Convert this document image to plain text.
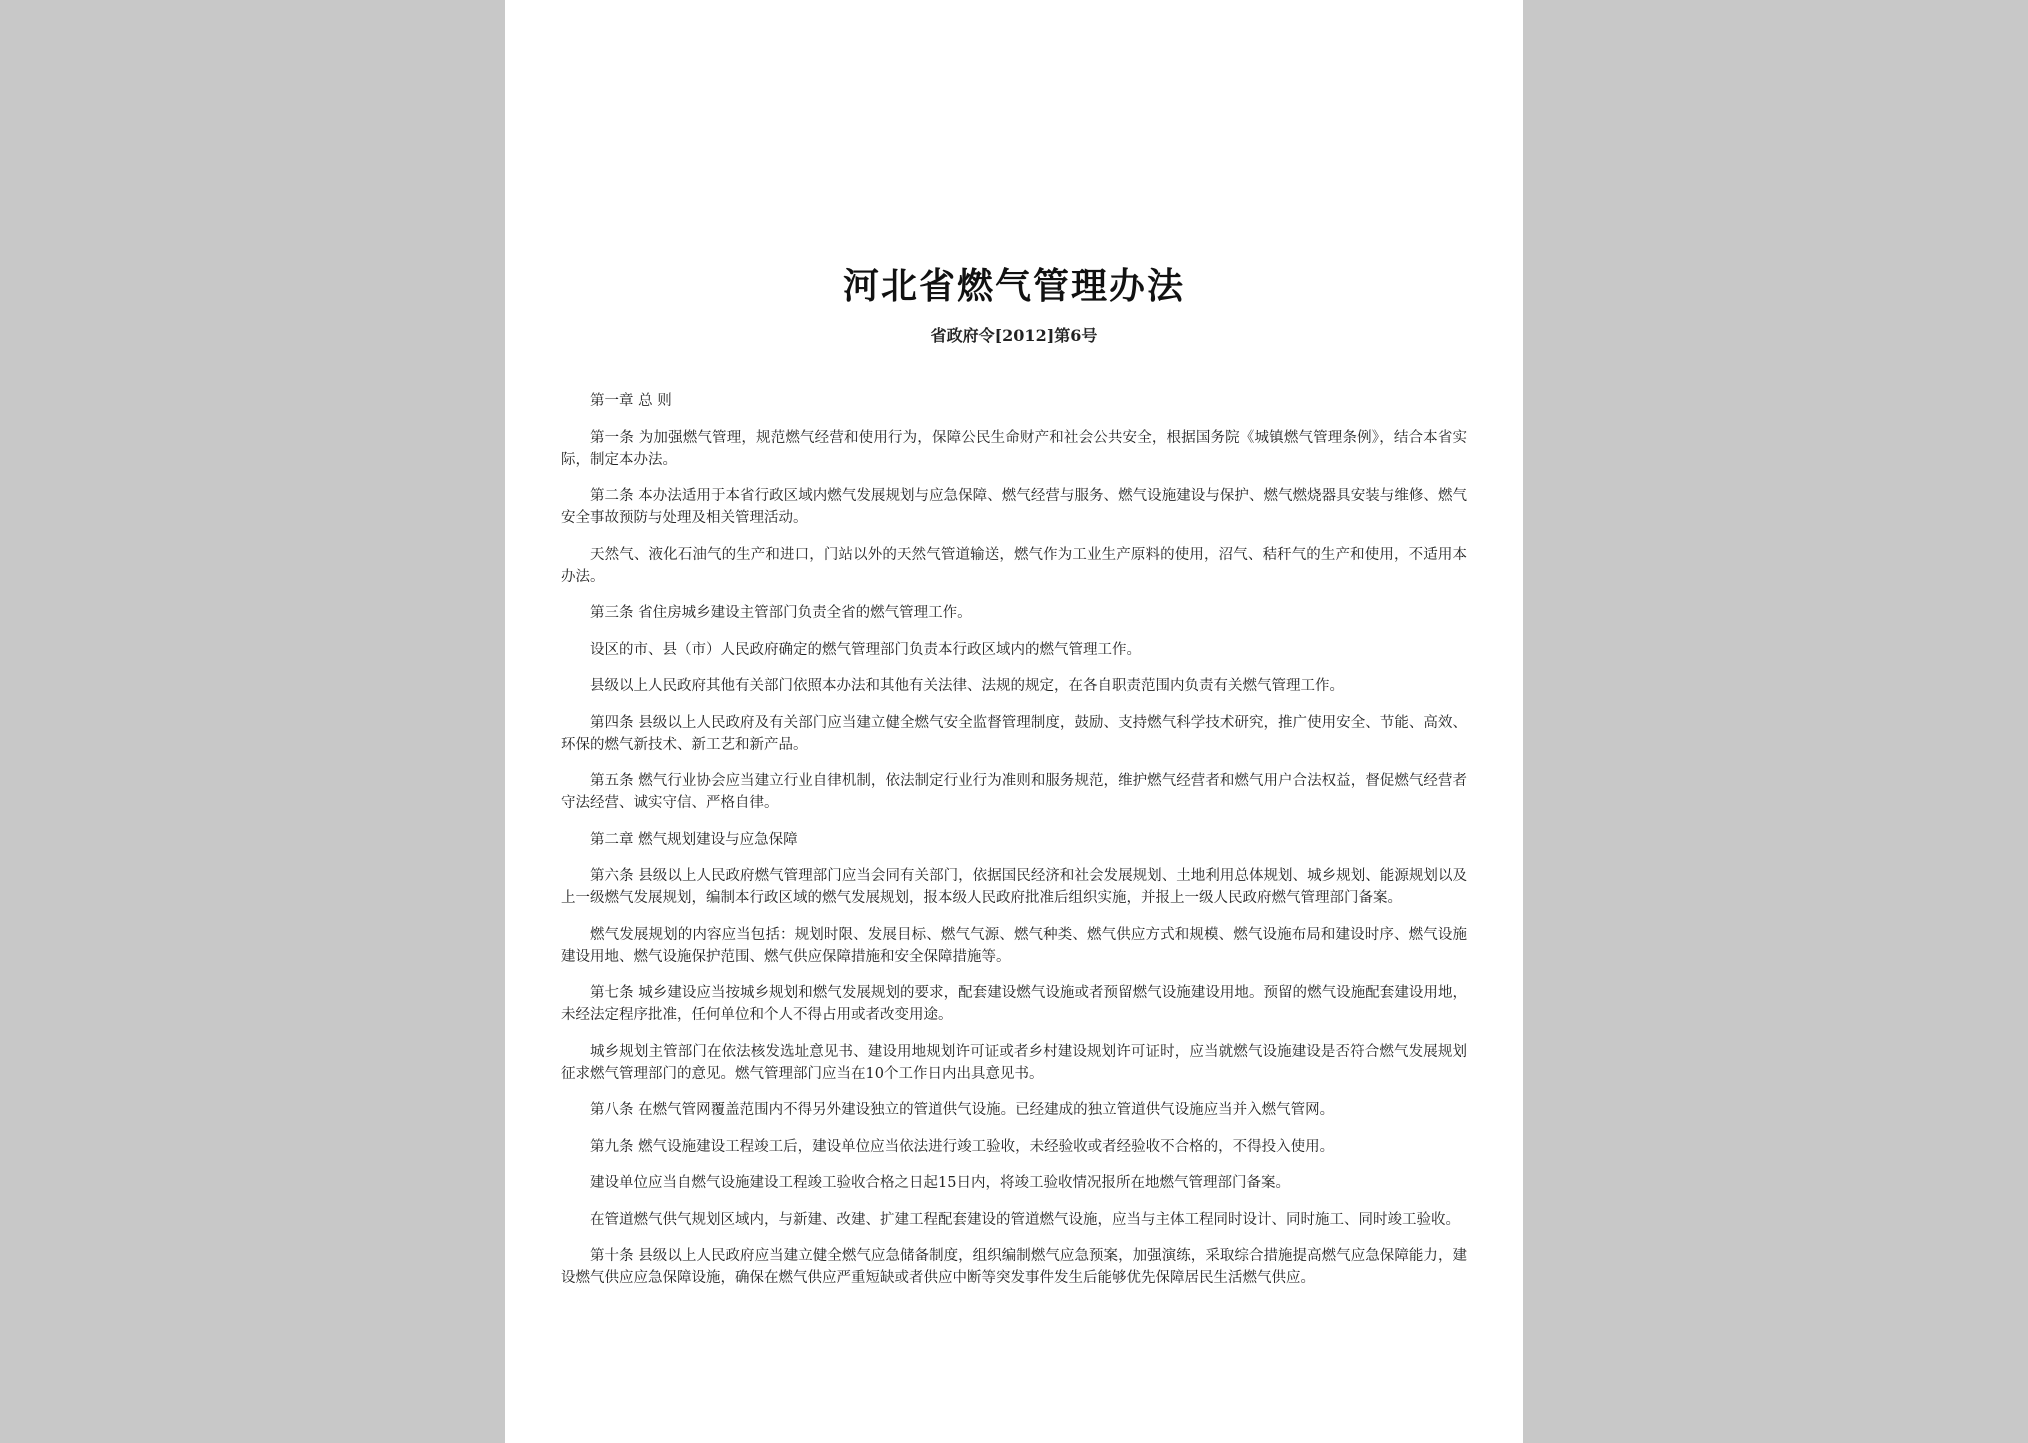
河北省燃气管理办法
省政府令[2012]第6号

第一章 总 则

第一条 为加强燃气管理，规范燃气经营和使用行为，保障公民生命财产和社会公共安全，根据国务院《城镇燃气管理条例》，结合本省实际，制定本办法。

第二条 本办法适用于本省行政区域内燃气发展规划与应急保障、燃气经营与服务、燃气设施建设与保护、燃气燃烧器具安装与维修、燃气安全事故预防与处理及相关管理活动。

天然气、液化石油气的生产和进口，门站以外的天然气管道输送，燃气作为工业生产原料的使用，沼气、秸秆气的生产和使用，不适用本办法。

第三条 省住房城乡建设主管部门负责全省的燃气管理工作。

设区的市、县（市）人民政府确定的燃气管理部门负责本行政区域内的燃气管理工作。

县级以上人民政府其他有关部门依照本办法和其他有关法律、法规的规定，在各自职责范围内负责有关燃气管理工作。

第四条 县级以上人民政府及有关部门应当建立健全燃气安全监督管理制度，鼓励、支持燃气科学技术研究，推广使用安全、节能、高效、环保的燃气新技术、新工艺和新产品。

第五条 燃气行业协会应当建立行业自律机制，依法制定行业行为准则和服务规范，维护燃气经营者和燃气用户合法权益，督促燃气经营者守法经营、诚实守信、严格自律。

第二章 燃气规划建设与应急保障

第六条 县级以上人民政府燃气管理部门应当会同有关部门，依据国民经济和社会发展规划、土地利用总体规划、城乡规划、能源规划以及上一级燃气发展规划，编制本行政区域的燃气发展规划，报本级人民政府批准后组织实施，并报上一级人民政府燃气管理部门备案。

燃气发展规划的内容应当包括：规划时限、发展目标、燃气气源、燃气种类、燃气供应方式和规模、燃气设施布局和建设时序、燃气设施建设用地、燃气设施保护范围、燃气供应保障措施和安全保障措施等。

第七条 城乡建设应当按城乡规划和燃气发展规划的要求，配套建设燃气设施或者预留燃气设施建设用地。预留的燃气设施配套建设用地，未经法定程序批准，任何单位和个人不得占用或者改变用途。

城乡规划主管部门在依法核发选址意见书、建设用地规划许可证或者乡村建设规划许可证时，应当就燃气设施建设是否符合燃气发展规划征求燃气管理部门的意见。燃气管理部门应当在10个工作日内出具意见书。

第八条 在燃气管网覆盖范围内不得另外建设独立的管道供气设施。已经建成的独立管道供气设施应当并入燃气管网。

第九条 燃气设施建设工程竣工后，建设单位应当依法进行竣工验收，未经验收或者经验收不合格的，不得投入使用。

建设单位应当自燃气设施建设工程竣工验收合格之日起15日内，将竣工验收情况报所在地燃气管理部门备案。

在管道燃气供气规划区域内，与新建、改建、扩建工程配套建设的管道燃气设施，应当与主体工程同时设计、同时施工、同时竣工验收。

第十条 县级以上人民政府应当建立健全燃气应急储备制度，组织编制燃气应急预案，加强演练，采取综合措施提高燃气应急保障能力，建设燃气供应应急保障设施，确保在燃气供应严重短缺或者供应中断等突发事件发生后能够优先保障居民生活燃气供应。
